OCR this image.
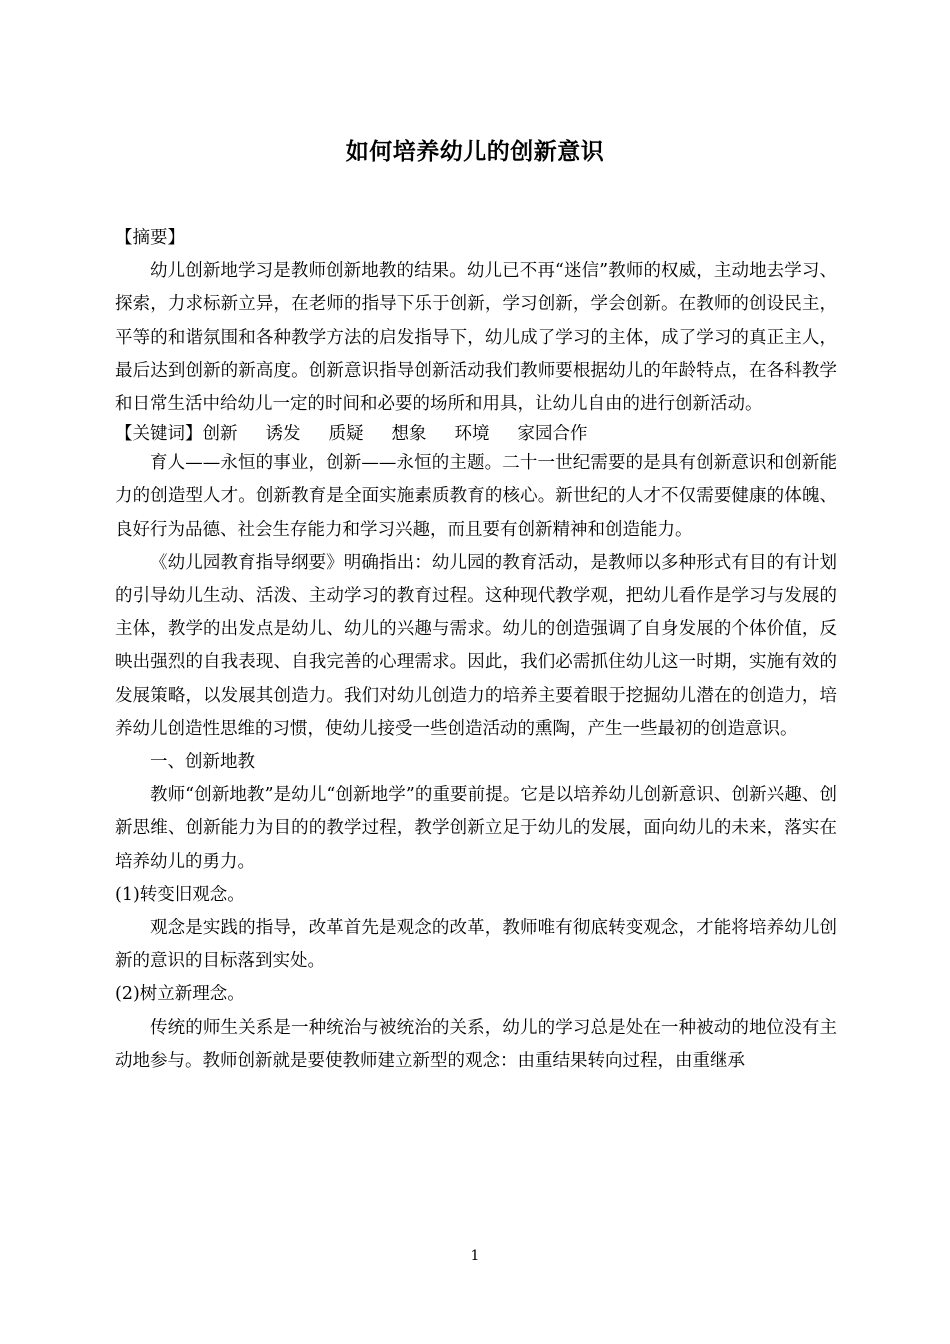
如何培养幼儿的创新意识

【摘要】

幼儿创新地学习是教师创新地教的结果。幼儿已不再“迷信”教师的权威，主动地去学习、探索，力求标新立异，在老师的指导下乐于创新，学习创新，学会创新。在教师的创设民主，平等的和谐氛围和各种教学方法的启发指导下，幼儿成了学习的主体，成了学习的真正主人，最后达到创新的新高度。创新意识指导创新活动我们教师要根据幼儿的年龄特点，在各科教学和日常生活中给幼儿一定的时间和必要的场所和用具，让幼儿自由的进行创新活动。

【关键词】创新 诱发 质疑 想象 环境 家园合作

育人——永恒的事业，创新——永恒的主题。二十一世纪需要的是具有创新意识和创新能力的创造型人才。创新教育是全面实施素质教育的核心。新世纪的人才不仅需要健康的体魄、良好行为品德、社会生存能力和学习兴趣，而且要有创新精神和创造能力。

《幼儿园教育指导纲要》明确指出：幼儿园的教育活动，是教师以多种形式有目的有计划的引导幼儿生动、活泼、主动学习的教育过程。这种现代教学观，把幼儿看作是学习与发展的主体，教学的出发点是幼儿、幼儿的兴趣与需求。幼儿的创造强调了自身发展的个体价值，反映出强烈的自我表现、自我完善的心理需求。因此，我们必需抓住幼儿这一时期，实施有效的发展策略，以发展其创造力。我们对幼儿创造力的培养主要着眼于挖掘幼儿潜在的创造力，培养幼儿创造性思维的习惯，使幼儿接受一些创造活动的熏陶，产生一些最初的创造意识。

一、创新地教

教师“创新地教”是幼儿“创新地学”的重要前提。它是以培养幼儿创新意识、创新兴趣、创新思维、创新能力为目的的教学过程，教学创新立足于幼儿的发展，面向幼儿的未来，落实在培养幼儿的勇力。

(1)转变旧观念。

观念是实践的指导，改革首先是观念的改革，教师唯有彻底转变观念，才能将培养幼儿创新的意识的目标落到实处。

(2)树立新理念。

传统的师生关系是一种统治与被统治的关系，幼儿的学习总是处在一种被动的地位没有主动地参与。教师创新就是要使教师建立新型的观念：由重结果转向过程，由重继承

1
